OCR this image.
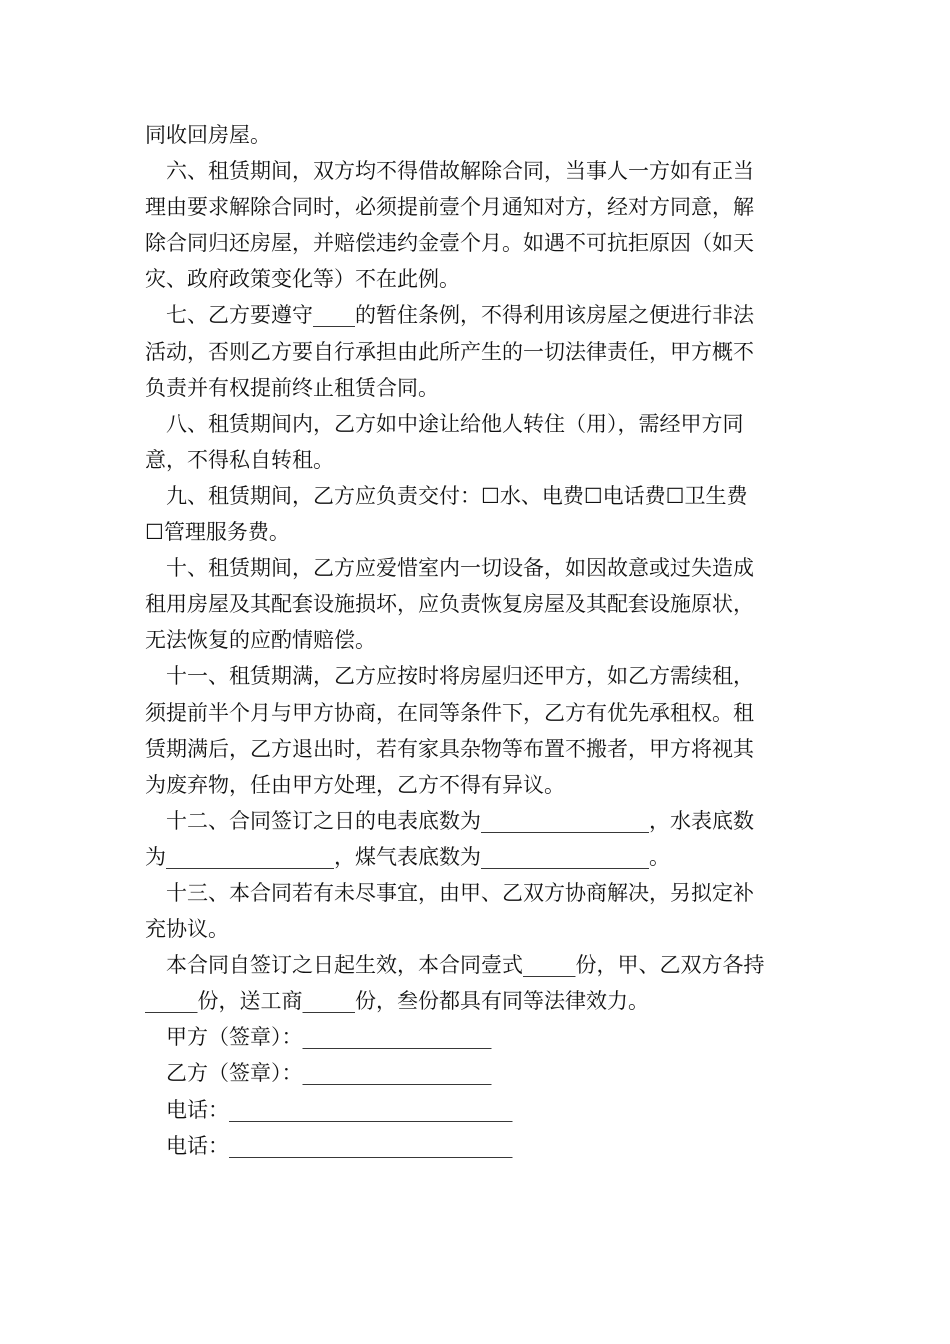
同收回房屋。
六、租赁期间，双方均不得借故解除合同，当事人一方如有正当
理由要求解除合同时，必须提前壹个月通知对方，经对方同意，解
除合同归还房屋，并赔偿违约金壹个月。如遇不可抗拒原因（如天
灾、政府政策变化等）不在此例。
七、乙方要遵守____的暂住条例，不得利用该房屋之便进行非法
活动，否则乙方要自行承担由此所产生的一切法律责任，甲方概不
负责并有权提前终止租赁合同。
八、租赁期间内，乙方如中途让给他人转住（用），需经甲方同
意，不得私自转租。
九、租赁期间，乙方应负责交付：☐水、电费☐电话费☐卫生费
☐管理服务费。
十、租赁期间，乙方应爱惜室内一切设备，如因故意或过失造成
租用房屋及其配套设施损坏，应负责恢复房屋及其配套设施原状，
无法恢复的应酌情赔偿。
十一、租赁期满，乙方应按时将房屋归还甲方，如乙方需续租，
须提前半个月与甲方协商，在同等条件下，乙方有优先承租权。租
赁期满后，乙方退出时，若有家具杂物等布置不搬者，甲方将视其
为废弃物，任由甲方处理，乙方不得有异议。
十二、合同签订之日的电表底数为________________，水表底数
为________________，煤气表底数为________________。
十三、本合同若有未尽事宜，由甲、乙双方协商解决，另拟定补
充协议。
本合同自签订之日起生效，本合同壹式_____份，甲、乙双方各持
_____份，送工商_____份，叁份都具有同等法律效力。
甲方（签章）：__________________
乙方（签章）：__________________
电话：___________________________
电话：___________________________
